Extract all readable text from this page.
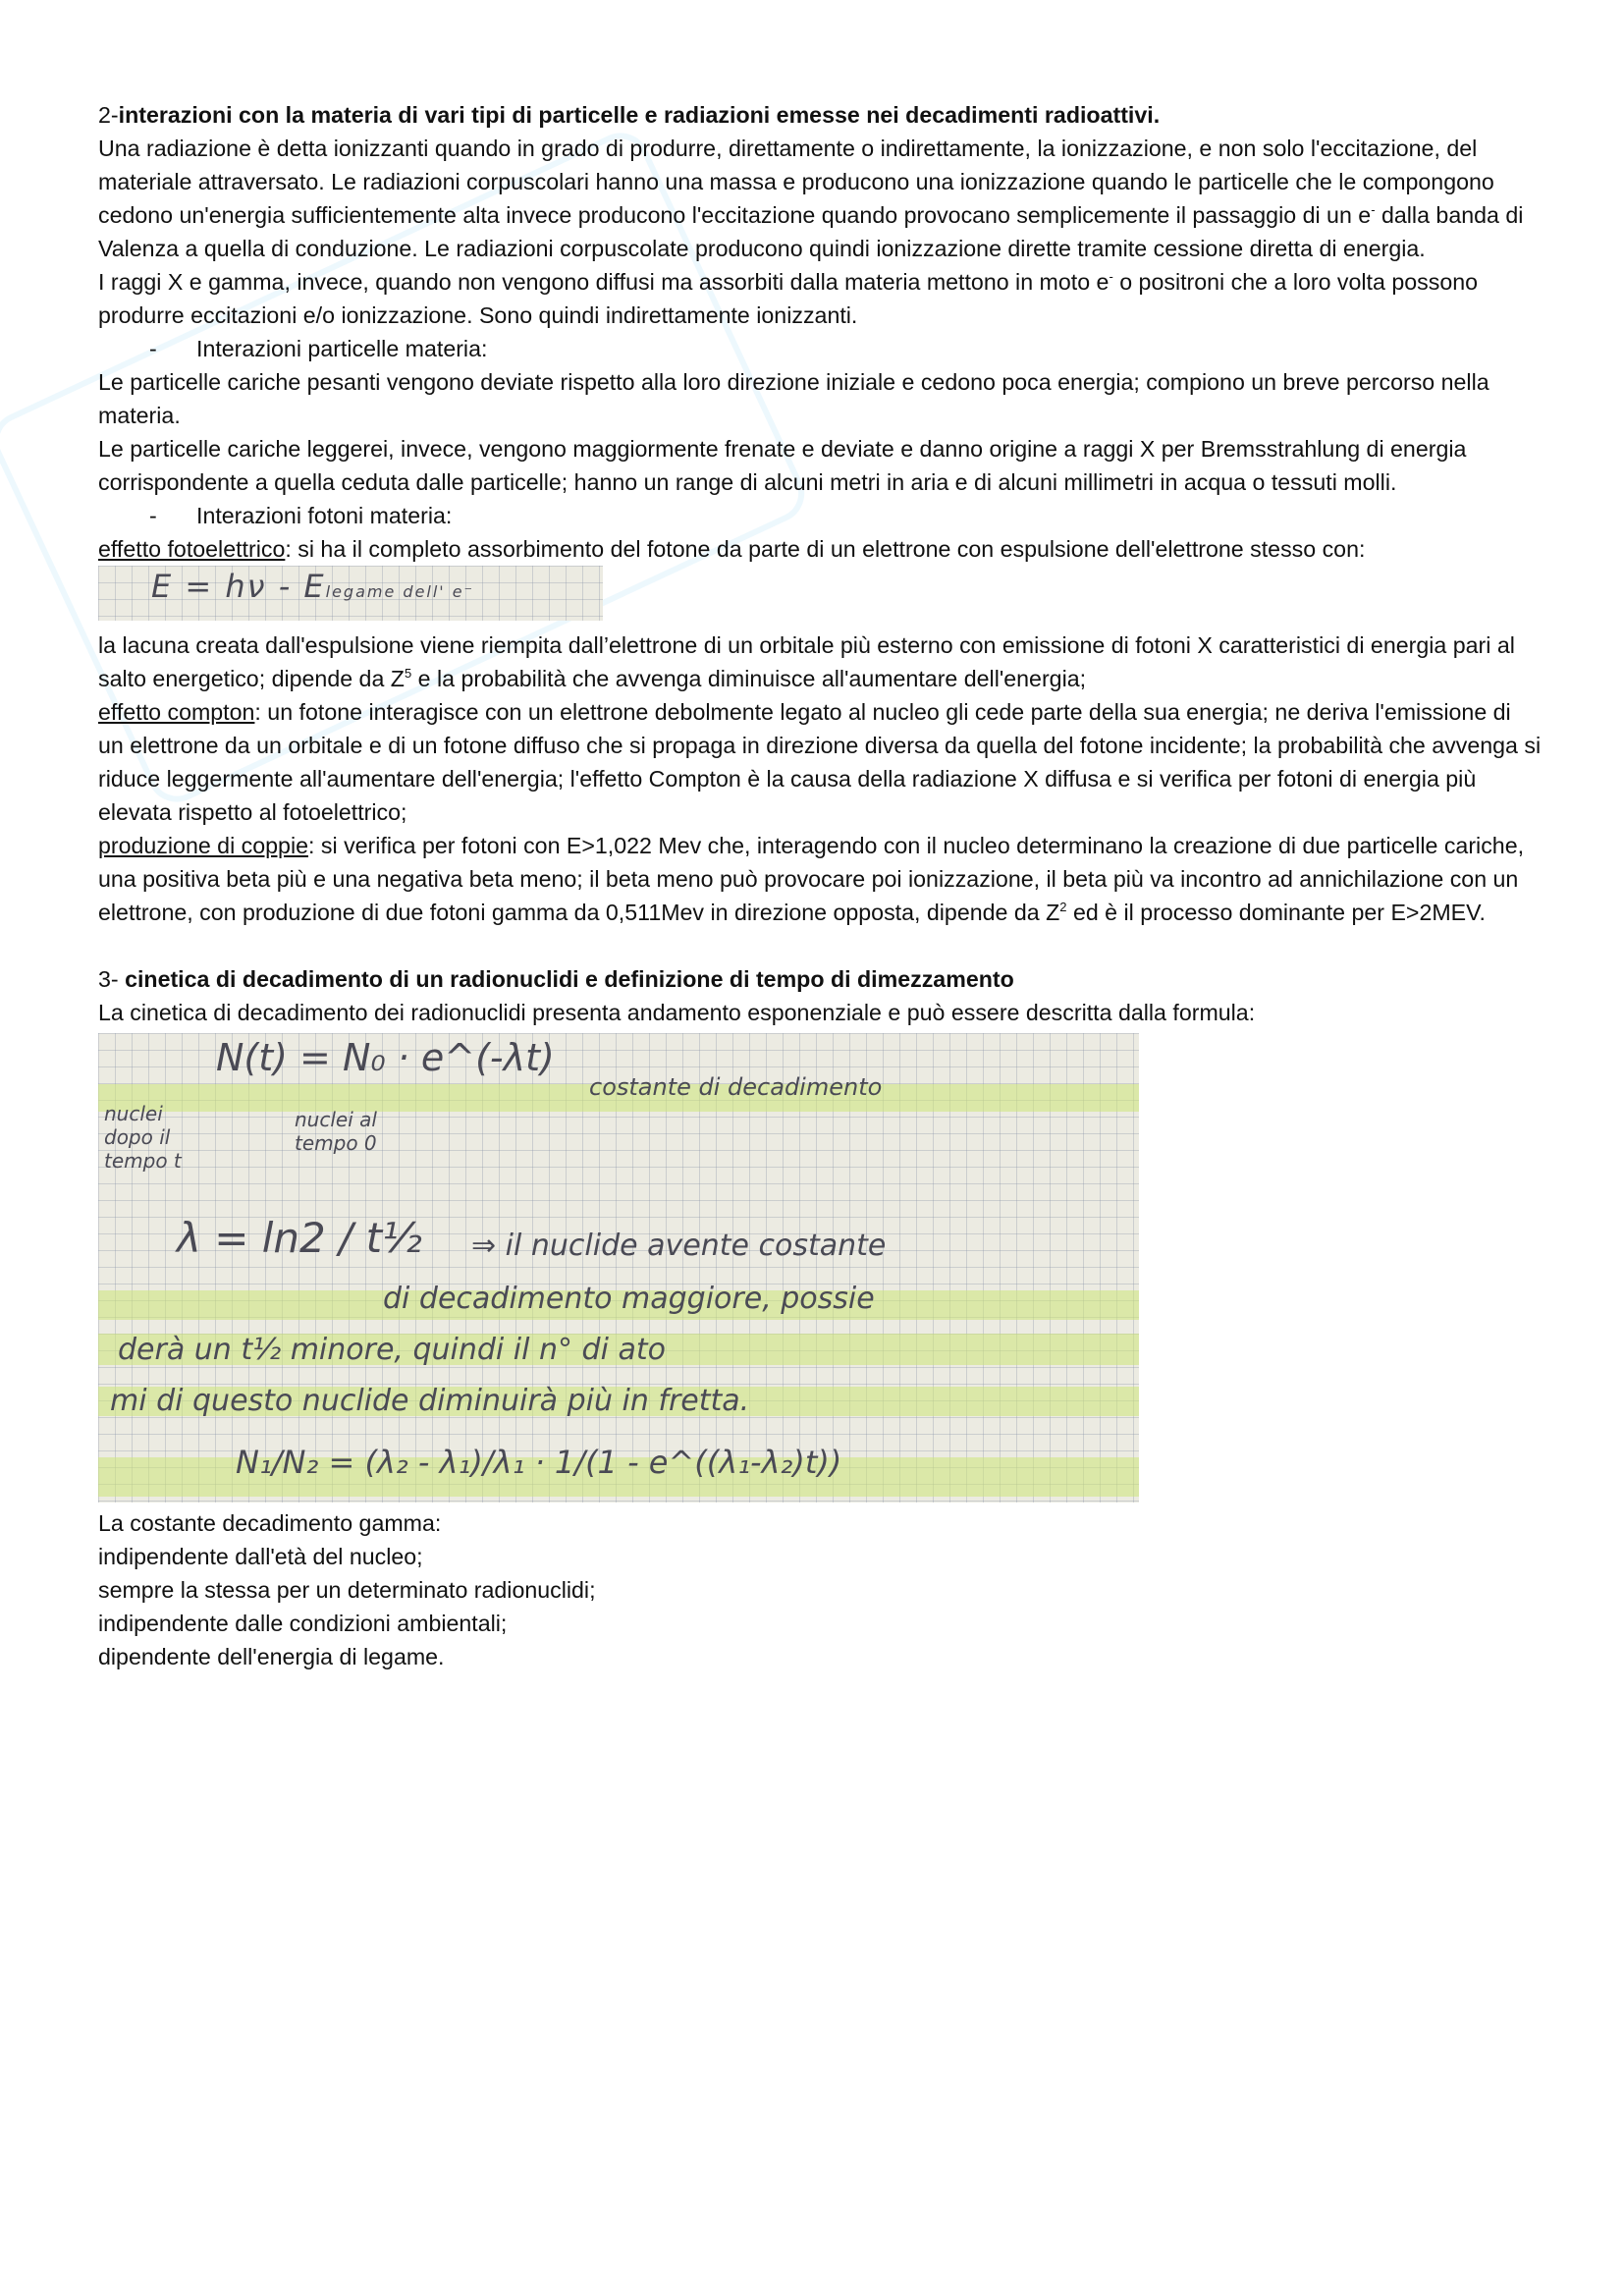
2-interazioni con la materia di vari tipi di particelle e radiazioni emesse nei decadimenti radioattivi.

Una radiazione è detta ionizzanti quando in grado di produrre, direttamente o indirettamente, la ionizzazione, e non solo l'eccitazione, del materiale attraversato. Le radiazioni corpuscolari hanno una massa e producono una ionizzazione quando le particelle che le compongono cedono un'energia sufficientemente alta invece producono l'eccitazione quando provocano semplicemente il passaggio di un e- dalla banda di Valenza a quella di conduzione. Le radiazioni corpuscolate producono quindi ionizzazione dirette tramite cessione diretta di energia.

I raggi X e gamma, invece, quando non vengono diffusi ma assorbiti dalla materia mettono in moto e- o positroni che a loro volta possono produrre eccitazioni e/o ionizzazione. Sono quindi indirettamente ionizzanti.

- Interazioni particelle materia:

Le particelle cariche pesanti vengono deviate rispetto alla loro direzione iniziale e cedono poca energia; compiono un breve percorso nella materia.

Le particelle cariche leggerei, invece, vengono maggiormente frenate e deviate e danno origine a raggi X per Bremsstrahlung di energia corrispondente a quella ceduta dalle particelle; hanno un range di alcuni metri in aria e di alcuni millimetri in acqua o tessuti molli.

- Interazioni fotoni materia:

effetto fotoelettrico: si ha il completo assorbimento del fotone da parte di un elettrone con espulsione dell'elettrone stesso con:

E = hν - Elegame dell' e⁻

la lacuna creata dall'espulsione viene riempita dall’elettrone di un orbitale più esterno con emissione di fotoni X caratteristici di energia pari al salto energetico; dipende da $Z^5$ e la probabilità che avvenga diminuisce all'aumentare dell'energia;

effetto compton: un fotone interagisce con un elettrone debolmente legato al nucleo gli cede parte della sua energia; ne deriva l'emissione di un elettrone da un orbitale e di un fotone diffuso che si propaga in direzione diversa da quella del fotone incidente; la probabilità che avvenga si riduce leggermente all'aumentare dell'energia; l'effetto Compton è la causa della radiazione X diffusa e si verifica per fotoni di energia più elevata rispetto al fotoelettrico;

produzione di coppie: si verifica per fotoni con E>1,022 Mev che, interagendo con il nucleo determinano la creazione di due particelle cariche, una positiva beta più e una negativa beta meno; il beta meno può provocare poi ionizzazione, il beta più va incontro ad annichilazione con un elettrone, con produzione di due fotoni gamma da 0,511Mev in direzione opposta, dipende da $Z^2$ ed è il processo dominante per E>2MEV.

3- cinetica di decadimento di un radionuclidi e definizione di tempo di dimezzamento

La cinetica di decadimento dei radionuclidi presenta andamento esponenziale e può essere descritta dalla formula:

N(t) = N₀ · e^(-λt)
costante di decadimento
nuclei dopo il tempo t
nuclei al tempo 0
λ = ln2 / t½ ⇒ il nuclide avente costante
di decadimento maggiore, possie
derà un t½ minore, quindi il n° di ato
mi di questo nuclide diminuirà più in fretta.
N₁/N₂ = (λ₂ - λ₁)/λ₁ · 1/(1 - e^((λ₁-λ₂)t))

La costante decadimento gamma:

indipendente dall'età del nucleo;

sempre la stessa per un determinato radionuclidi;

indipendente dalle condizioni ambientali;

dipendente dell'energia di legame.
